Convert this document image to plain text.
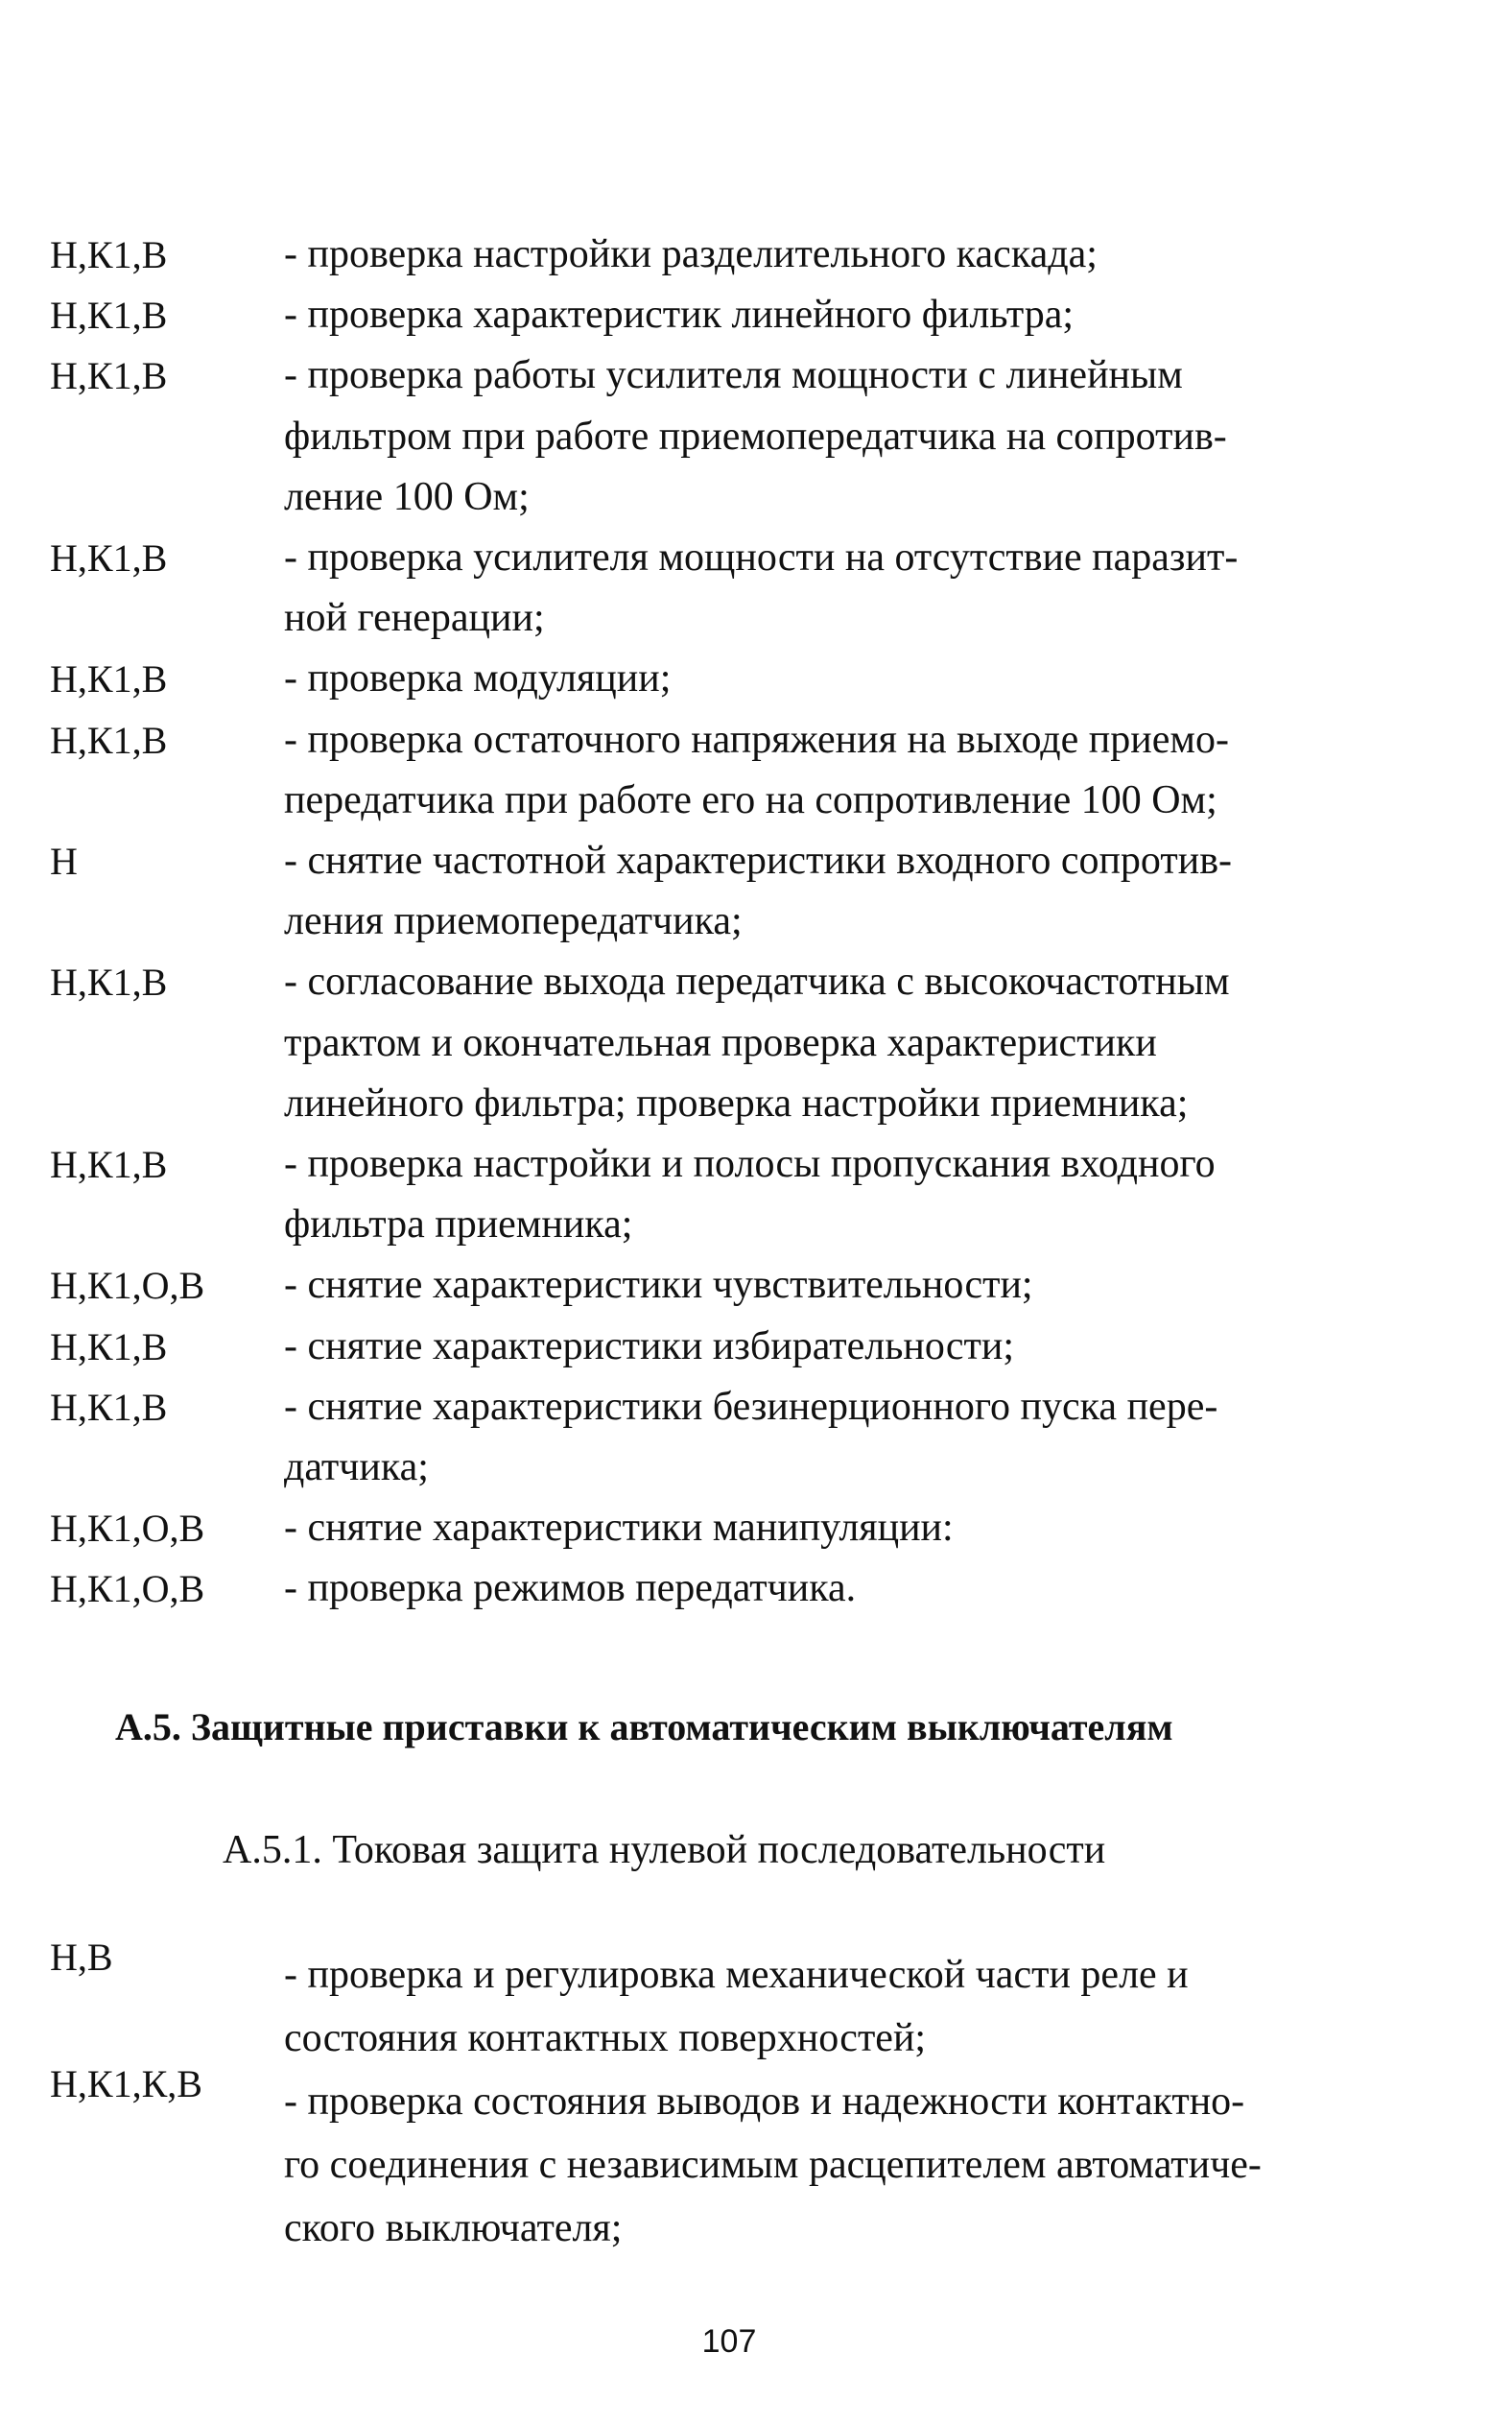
Н,К1,В	- проверка настройки разделительного каскада;
Н,К1,В	- проверка характеристик линейного фильтра;
Н,К1,В	- проверка работы усилителя мощности с линейным
фильтром при работе приемопередатчика на сопротив-
ление 100 Ом;
Н,К1,В	- проверка усилителя мощности на отсутствие паразит-
ной генерации;
Н,К1,В	- проверка модуляции;
Н,К1,В	- проверка остаточного напряжения на выходе приемо-
передатчика при работе его на сопротивление 100 Ом;
Н	- снятие частотной характеристики входного сопротив-
ления приемопередатчика;
Н,К1,В	- согласование выхода передатчика с высокочастотным
трактом и окончательная проверка характеристики
линейного фильтра; проверка настройки приемника;
Н,К1,В	- проверка настройки и полосы пропускания входного
фильтра приемника;
Н,К1,О,В	- снятие характеристики чувствительности;
Н,К1,В	- снятие характеристики избирательности;
Н,К1,В	- снятие характеристики безинерционного пуска пере-
датчика;
Н,К1,О,В	- снятие характеристики манипуляции:
Н,К1,О,В	- проверка режимов передатчика.
А.5. Защитные приставки к автоматическим выключателям
А.5.1. Токовая защита нулевой последовательности
Н,В	- проверка и регулировка механической части реле и
состояния контактных поверхностей;
Н,К1,К,В	- проверка состояния выводов и надежности контактно-
го соединения с независимым расцепителем автоматиче-
ского выключателя;
107
